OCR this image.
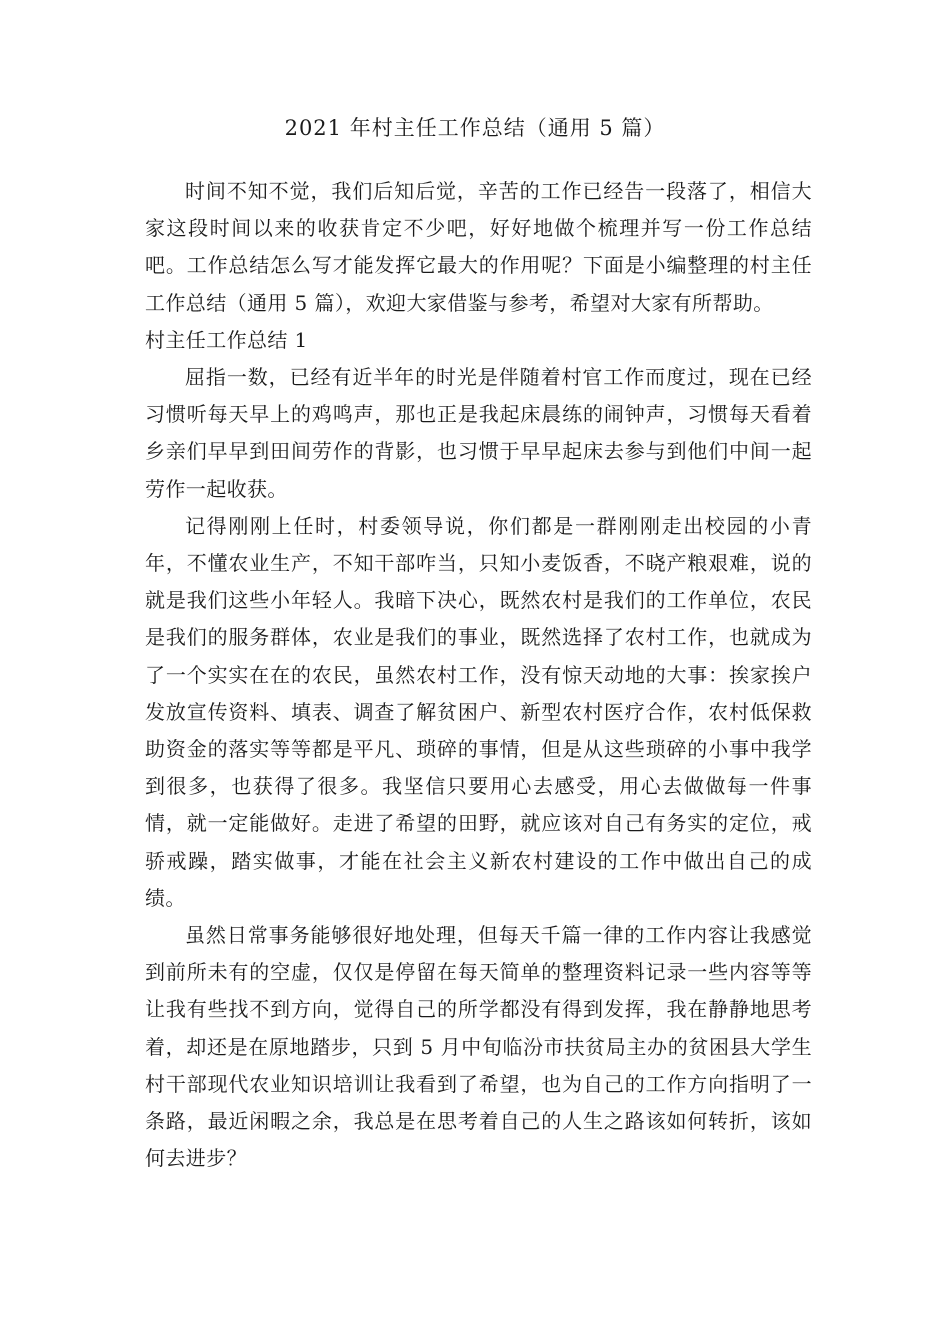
2021 年村主任工作总结（通用 5 篇）

时间不知不觉，我们后知后觉，辛苦的工作已经告一段落了，相信大家这段时间以来的收获肯定不少吧，好好地做个梳理并写一份工作总结吧。工作总结怎么写才能发挥它最大的作用呢？下面是小编整理的村主任工作总结（通用 5 篇），欢迎大家借鉴与参考，希望对大家有所帮助。

村主任工作总结 1

屈指一数，已经有近半年的时光是伴随着村官工作而度过，现在已经习惯听每天早上的鸡鸣声，那也正是我起床晨练的闹钟声，习惯每天看着乡亲们早早到田间劳作的背影，也习惯于早早起床去参与到他们中间一起劳作一起收获。

记得刚刚上任时，村委领导说，你们都是一群刚刚走出校园的小青年，不懂农业生产，不知干部咋当，只知小麦饭香，不晓产粮艰难，说的就是我们这些小年轻人。我暗下决心，既然农村是我们的工作单位，农民是我们的服务群体，农业是我们的事业，既然选择了农村工作，也就成为了一个实实在在的农民，虽然农村工作，没有惊天动地的大事：挨家挨户发放宣传资料、填表、调查了解贫困户、新型农村医疗合作，农村低保救助资金的落实等等都是平凡、琐碎的事情，但是从这些琐碎的小事中我学到很多，也获得了很多。我坚信只要用心去感受，用心去做做每一件事情，就一定能做好。走进了希望的田野，就应该对自己有务实的定位，戒骄戒躁，踏实做事，才能在社会主义新农村建设的工作中做出自己的成绩。

虽然日常事务能够很好地处理，但每天千篇一律的工作内容让我感觉到前所未有的空虚，仅仅是停留在每天简单的整理资料记录一些内容等等让我有些找不到方向，觉得自己的所学都没有得到发挥，我在静静地思考着，却还是在原地踏步，只到 5 月中旬临汾市扶贫局主办的贫困县大学生村干部现代农业知识培训让我看到了希望，也为自己的工作方向指明了一条路，最近闲暇之余，我总是在思考着自己的人生之路该如何转折，该如何去进步？
